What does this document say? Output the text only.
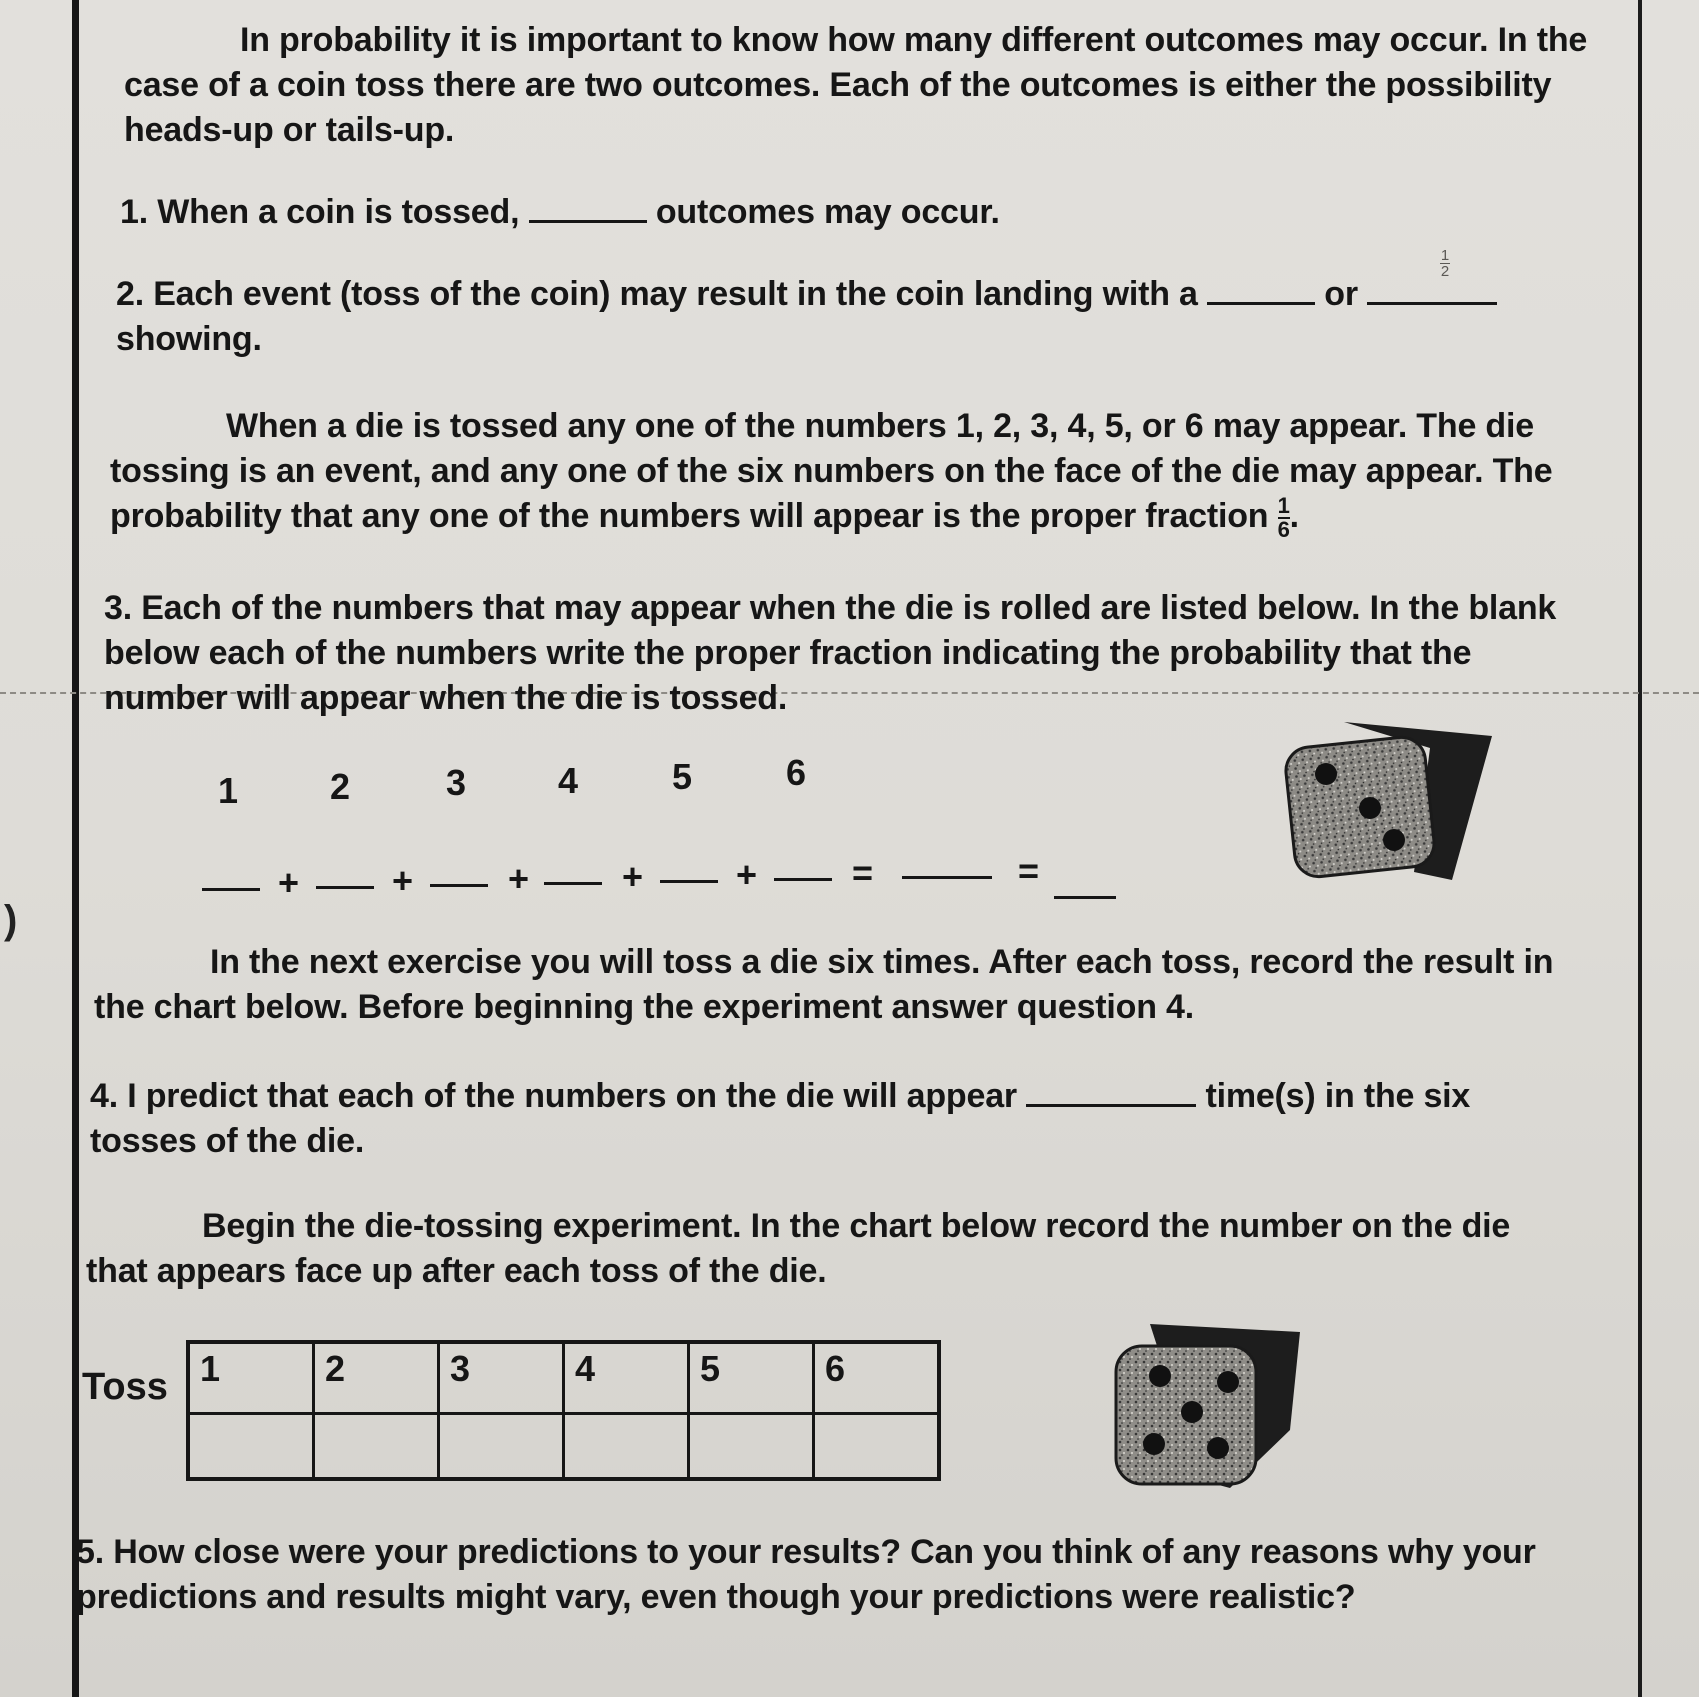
)

In probability it is important to know how many different outcomes may occur. In the
case of a coin toss there are two outcomes. Each of the outcomes is either the possibility
heads-up or tails-up.

1. When a coin is tossed,	outcomes may occur.

2. Each event (toss of the coin) may result in the coin landing with a	or
showing.

1
2

When a die is tossed any one of the numbers 1, 2, 3, 4, 5, or 6 may appear. The die
tossing is an event, and any one of the six numbers on the face of the die may appear. The
probability that any one of the numbers will appear is the proper fraction $\frac{1}{6}$.

3. Each of the numbers that may appear when the die is rolled are listed below. In the blank
below each of the numbers write the proper fraction indicating the probability that the
number will appear when the die is tossed.

1	2	3	4	5	6
+	+	+	+	+	=	=

In the next exercise you will toss a die six times. After each toss, record the result in
the chart below. Before beginning the experiment answer question 4.

4. I predict that each of the numbers on the die will appear	time(s) in the six
tosses of the die.

Begin the die-tossing experiment. In the chart below record the number on the die
that appears face up after each toss of the die.

Toss 1	2	3	4	5	6

5. How close were your predictions to your results? Can you think of any reasons why your
predictions and results might vary, even though your predictions were realistic?
